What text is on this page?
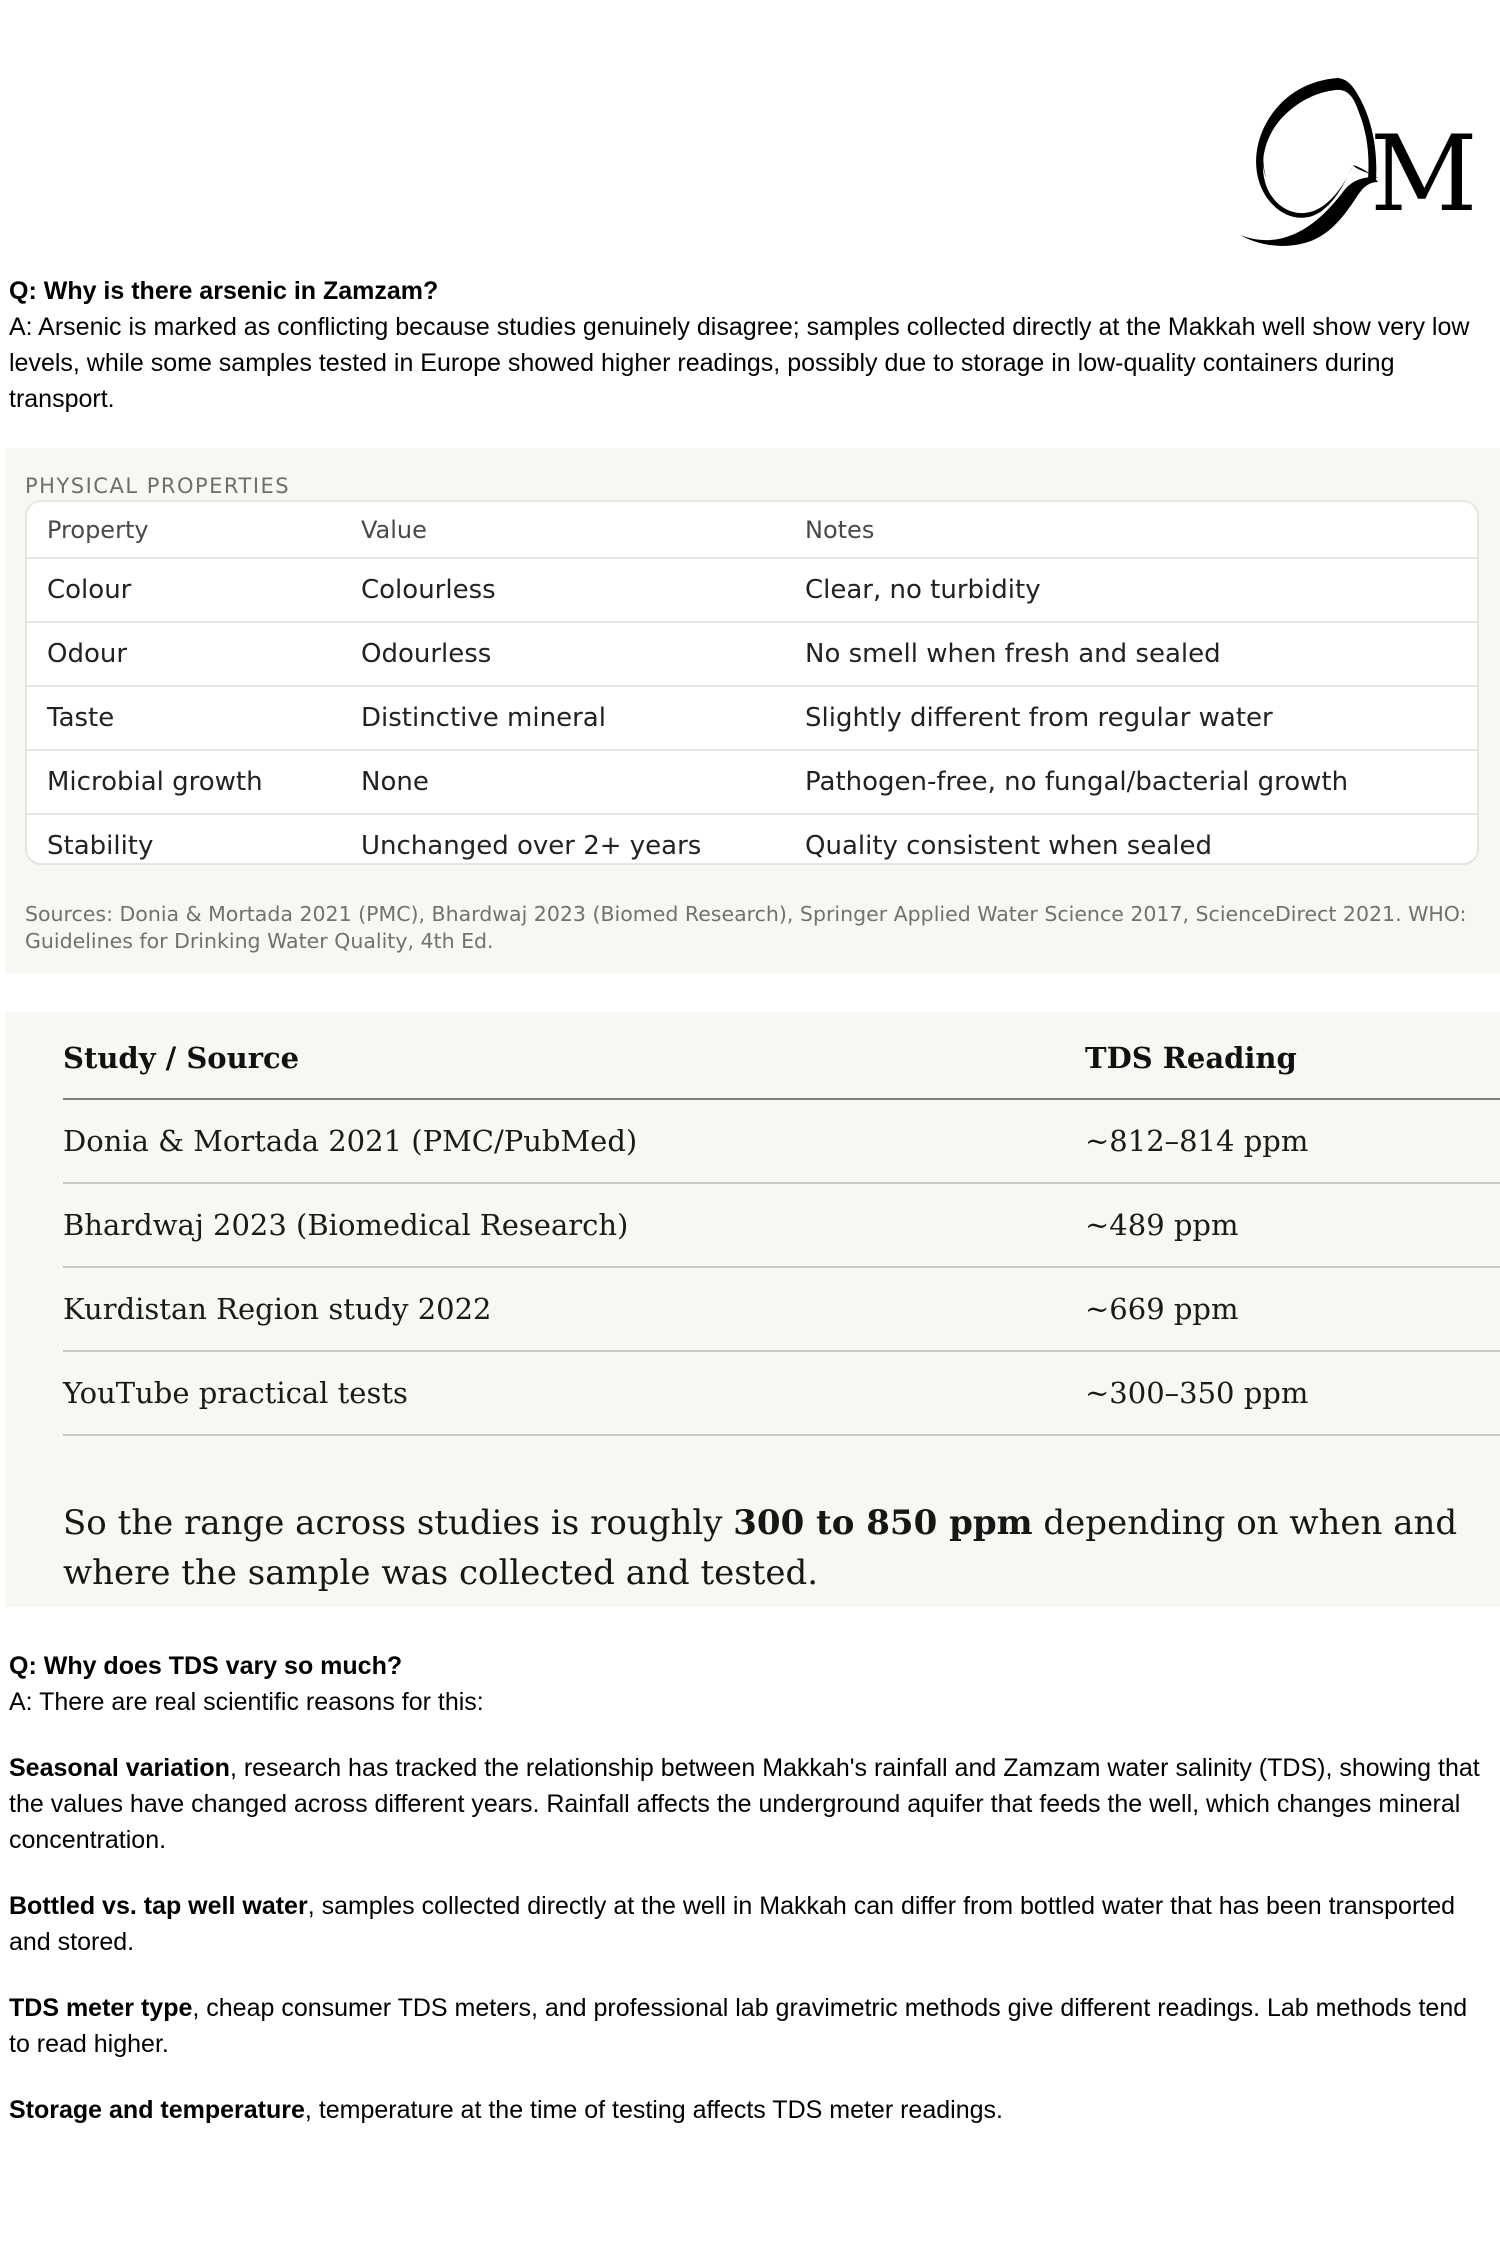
M
Q: Why is there arsenic in Zamzam?
A: Arsenic is marked as conflicting because studies genuinely disagree; samples collected directly at the Makkah well show very low levels, while some samples tested in Europe showed higher readings, possibly due to storage in low-quality containers during transport.
PHYSICAL PROPERTIES
Property	Value	Notes
Colour	Colourless	Clear, no turbidity
Odour	Odourless	No smell when fresh and sealed
Taste	Distinctive mineral	Slightly different from regular water
Microbial growth	None	Pathogen-free, no fungal/bacterial growth
Stability	Unchanged over 2+ years	Quality consistent when sealed
Sources: Donia & Mortada 2021 (PMC), Bhardwaj 2023 (Biomed Research), Springer Applied Water Science 2017, ScienceDirect 2021. WHO: Guidelines for Drinking Water Quality, 4th Ed.
Study / Source	TDS Reading
Donia & Mortada 2021 (PMC/PubMed)	~812–814 ppm
Bhardwaj 2023 (Biomedical Research)	~489 ppm
Kurdistan Region study 2022	~669 ppm
YouTube practical tests	~300–350 ppm
So the range across studies is roughly 300 to 850 ppm depending on when and where the sample was collected and tested.
Q: Why does TDS vary so much?
A: There are real scientific reasons for this:
Seasonal variation, research has tracked the relationship between Makkah's rainfall and Zamzam water salinity (TDS), showing that the values have changed across different years. Rainfall affects the underground aquifer that feeds the well, which changes mineral concentration.
Bottled vs. tap well water, samples collected directly at the well in Makkah can differ from bottled water that has been transported and stored.
TDS meter type, cheap consumer TDS meters, and professional lab gravimetric methods give different readings. Lab methods tend to read higher.
Storage and temperature, temperature at the time of testing affects TDS meter readings.
